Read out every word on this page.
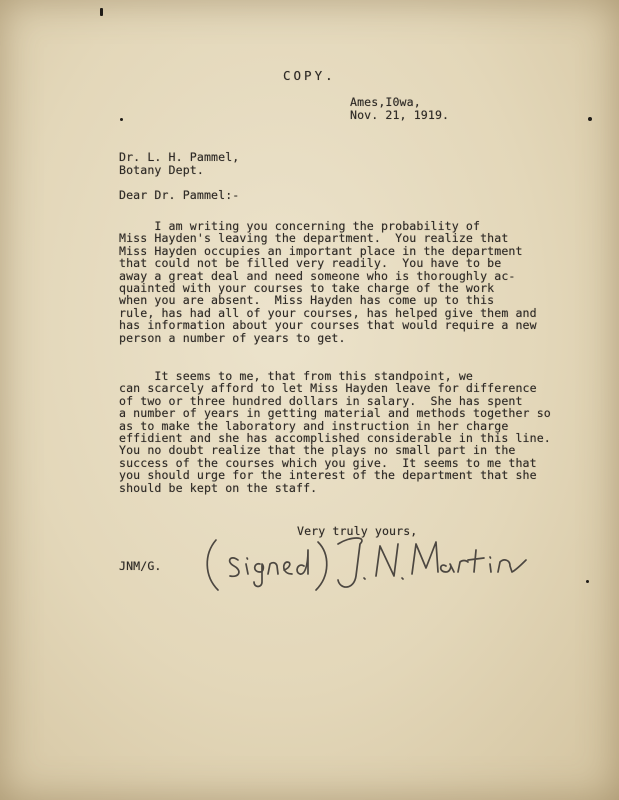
COPY.
Ames,I0wa,
Nov. 21, 1919.
Dr. L. H. Pammel,
Botany Dept.
Dear Dr. Pammel:-
I am writing you concerning the probability of
Miss Hayden's leaving the department.  You realize that
Miss Hayden occupies an important place in the department
that could not be filled very readily.  You have to be
away a great deal and need someone who is thoroughly ac-
quainted with your courses to take charge of the work
when you are absent.  Miss Hayden has come up to this
rule, has had all of your courses, has helped give them and
has information about your courses that would require a new
person a number of years to get.
It seems to me, that from this standpoint, we
can scarcely afford to let Miss Hayden leave for difference
of two or three hundred dollars in salary.  She has spent
a number of years in getting material and methods together so
as to make the laboratory and instruction in her charge
effidient and she has accomplished considerable in this line.
You no doubt realize that the plays no small part in the
success of the courses which you give.  It seems to me that
you should urge for the interest of the department that she
should be kept on the staff.
Very truly yours,
JNM/G.
